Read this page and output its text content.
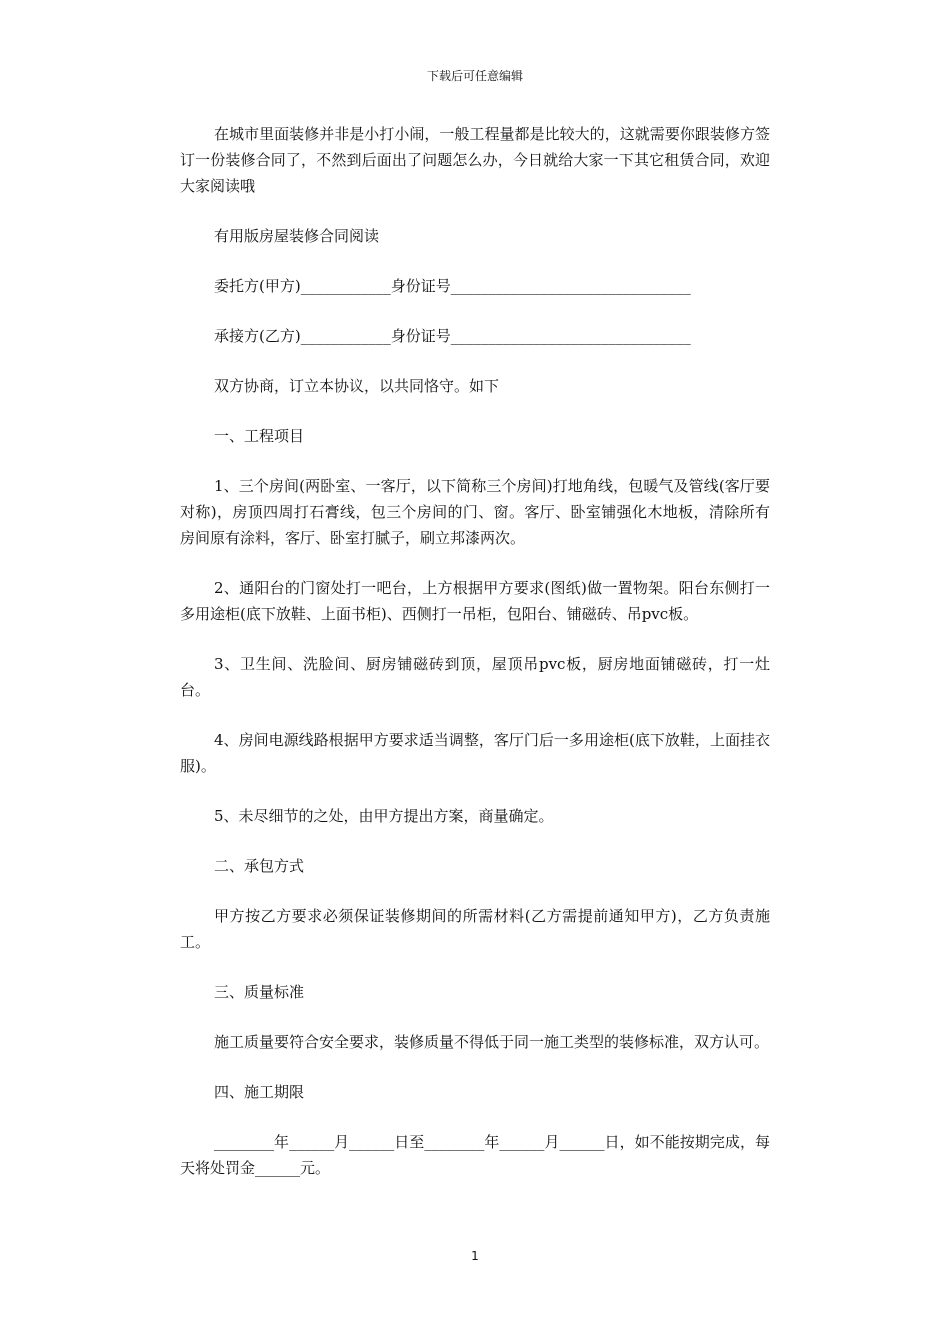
下载后可任意编辑

在城市里面装修并非是小打小闹，一般工程量都是比较大的，这就需要你跟装修方签订一份装修合同了，不然到后面出了问题怎么办，今日就给大家一下其它租赁合同，欢迎大家阅读哦

有用版房屋装修合同阅读

委托方(甲方)____________身份证号________________________________

承接方(乙方)____________身份证号________________________________

双方协商，订立本协议，以共同恪守。如下

一、工程项目

1、三个房间(两卧室、一客厅，以下简称三个房间)打地角线，包暖气及管线(客厅要对称)，房顶四周打石膏线，包三个房间的门、窗。客厅、卧室铺强化木地板，清除所有房间原有涂料，客厅、卧室打腻子，刷立邦漆两次。

2、通阳台的门窗处打一吧台，上方根据甲方要求(图纸)做一置物架。阳台东侧打一多用途柜(底下放鞋、上面书柜)、西侧打一吊柜，包阳台、铺磁砖、吊pvc板。

3、卫生间、洗脸间、厨房铺磁砖到顶，屋顶吊pvc板，厨房地面铺磁砖，打一灶台。

4、房间电源线路根据甲方要求适当调整，客厅门后一多用途柜(底下放鞋，上面挂衣服)。

5、未尽细节的之处，由甲方提出方案，商量确定。

二、承包方式

甲方按乙方要求必须保证装修期间的所需材料(乙方需提前通知甲方)，乙方负责施工。

三、质量标准

施工质量要符合安全要求，装修质量不得低于同一施工类型的装修标准，双方认可。

四、施工期限

________年______月______日至________年______月______日，如不能按期完成，每天将处罚金______元。

1
